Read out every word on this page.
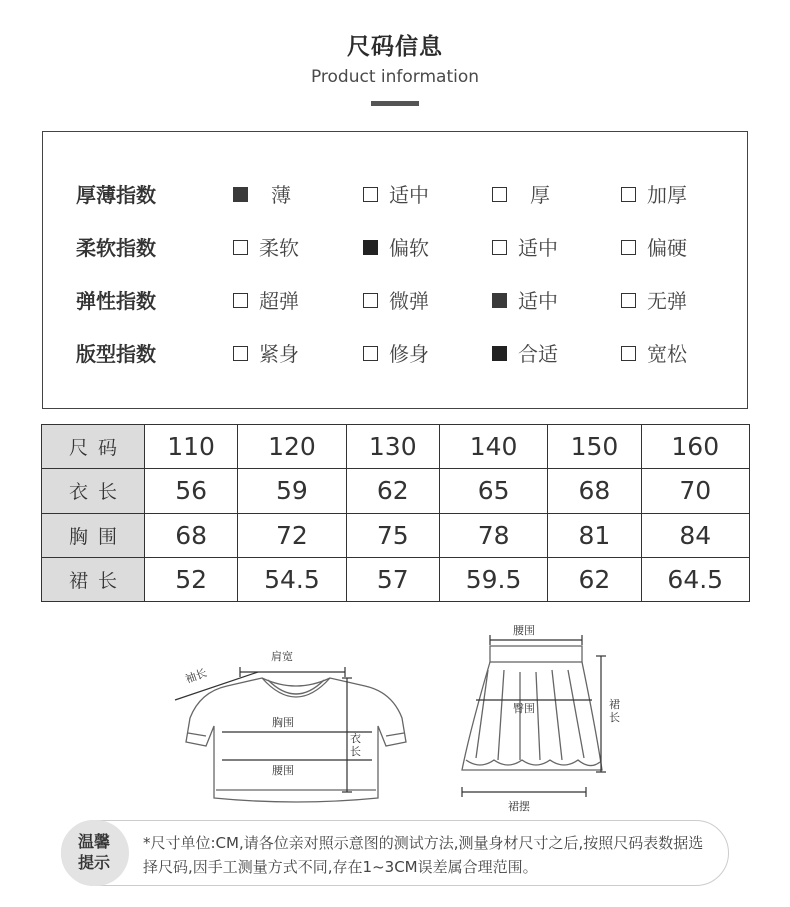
尺码信息
Product information
厚薄指数	薄	适中	厚	加厚
柔软指数	柔软	偏软	适中	偏硬
弹性指数	超弹	微弹	适中	无弹
版型指数	紧身	修身	合适	宽松
尺码	110	120	130	140	150	160
衣长	56	59	62	65	68	70
胸围	68	72	75	78	81	84
裙长	52	54.5	57	59.5	62	64.5
袖长
肩宽
胸围
腰围
衣长
腰围
臀围	裙长
裙摆
温馨
提示
*尺寸单位:CM,请各位亲对照示意图的测试方法,测量身材尺寸之后,按照尺码表数据选择尺码,因手工测量方式不同,存在1~3CM误差属合理范围。
